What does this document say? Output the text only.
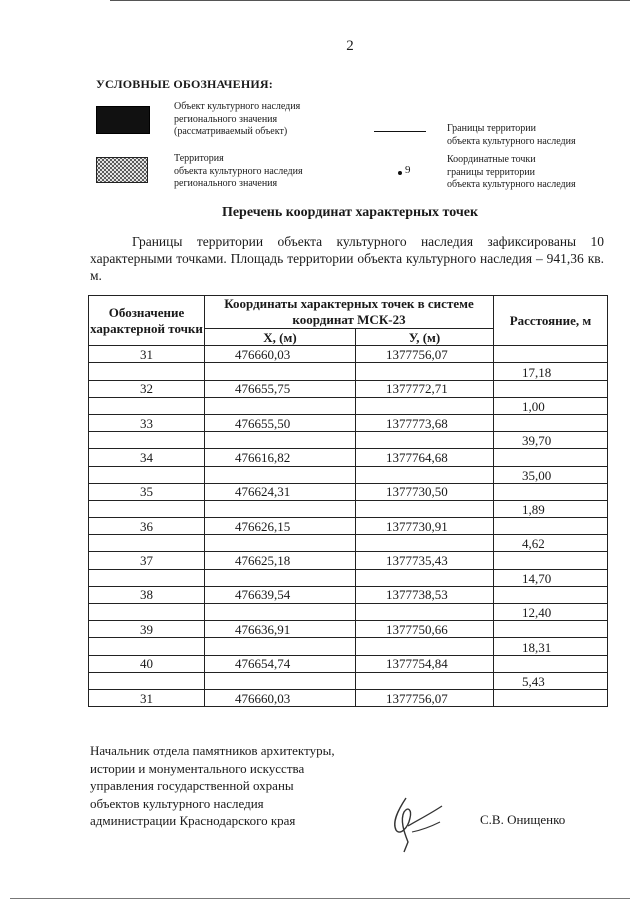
2
УСЛОВНЫЕ ОБОЗНАЧЕНИЯ:
Объект культурного наследия
регионального значения
(рассматриваемый объект)
Территория
объекта культурного наследия
регионального значения
Границы территории
объекта культурного наследия
9
Координатные точки
границы территории
объекта культурного наследия
Перечень координат характерных точек
Границы территории объекта культурного наследия зафиксированы 10 характерными точками. Площадь территории объекта культурного наследия – 941,36 кв. м.
Обозначение характерной точки	Координаты характерных точек в системе координат МСК-23		Расстояние, м
	X, (м)	У, (м)	
31	476660,03	1377756,07	
			17,18
32	476655,75	1377772,71	
			1,00
33	476655,50	1377773,68	
			39,70
34	476616,82	1377764,68	
			35,00
35	476624,31	1377730,50	
			1,89
36	476626,15	1377730,91	
			4,62
37	476625,18	1377735,43	
			14,70
38	476639,54	1377738,53	
			12,40
39	476636,91	1377750,66	
			18,31
40	476654,74	1377754,84	
			5,43
31	476660,03	1377756,07	
Начальник отдела памятников архитектуры,
истории и монументального искусства
управления государственной охраны
объектов культурного наследия
администрации Краснодарского края	С.В. Онищенко
